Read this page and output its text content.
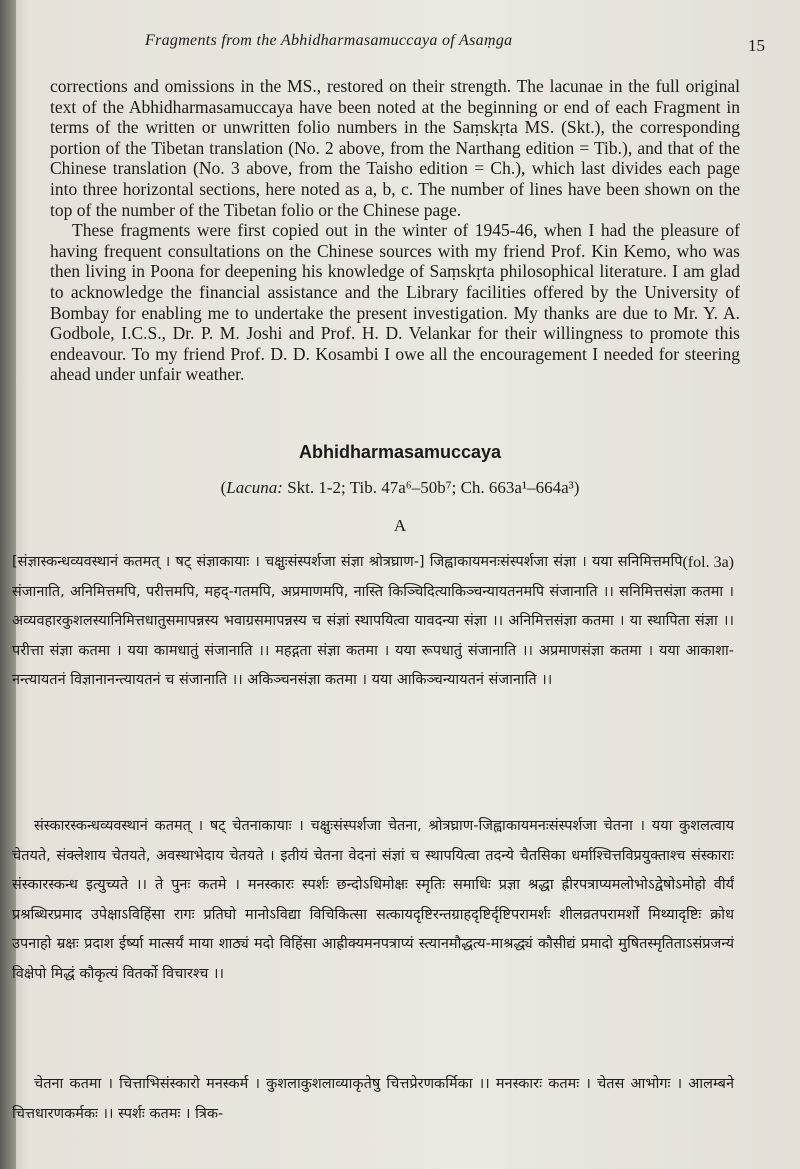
Fragments from the Abhidharmasamuccaya of Asaṃga	15

corrections and omissions in the MS., restored on their strength. The lacunae in the full original text of the Abhidharmasamuccaya have been noted at the beginning or end of each Fragment in terms of the written or unwritten folio numbers in the Saṃskṛta MS. (Skt.), the corresponding portion of the Tibetan translation (No. 2 above, from the Narthang edition = Tib.), and that of the Chinese translation (No. 3 above, from the Taisho edition = Ch.), which last divides each page into three horizontal sections, here noted as a, b, c. The number of lines have been shown on the top of the number of the Tibetan folio or the Chinese page.

These fragments were first copied out in the winter of 1945-46, when I had the pleasure of having frequent consultations on the Chinese sources with my friend Prof. Kin Kemo, who was then living in Poona for deepening his knowledge of Saṃskṛta philosophical literature. I am glad to acknowledge the financial assistance and the Library facilities offered by the University of Bombay for enabling me to undertake the present investigation. My thanks are due to Mr. Y. A. Godbole, I.C.S., Dr. P. M. Joshi and Prof. H. D. Velankar for their willingness to promote this endeavour. To my friend Prof. D. D. Kosambi I owe all the encouragement I needed for steering ahead under unfair weather.

Abhidharmasamuccaya
(Lacuna: Skt. 1-2; Tib. 47a⁶–50b⁷; Ch. 663a¹–664a³)
A

(fol. 3a)
[संज्ञास्कन्धव्यवस्थानं कतमत् । षट् संज्ञाकायाः । चक्षुःसंस्पर्शजा संज्ञा श्रोत्रघ्राण-] जिह्वाकायमनःसंस्पर्शजा संज्ञा । यया सनिमित्तमपि संजानाति, अनिमित्तमपि, परीत्तमपि, महद्-गतमपि, अप्रमाणमपि, नास्ति किञ्चिदित्याकिञ्चन्यायतनमपि संजानाति ।। सनिमित्तसंज्ञा कतमा । अव्यवहारकुशलस्यानिमित्तधातुसमापन्नस्य भवाग्रसमापन्नस्य च संज्ञां स्थापयित्वा यावदन्या संज्ञा ।। अनिमित्तसंज्ञा कतमा । या स्थापिता संज्ञा ।। परीत्ता संज्ञा कतमा । यया कामधातुं संजानाति ।। महद्गता संज्ञा कतमा । यया रूपधातुं संजानाति ।। अप्रमाणसंज्ञा कतमा । यया आकाशा-नन्त्यायतनं विज्ञानानन्त्यायतनं च संजानाति ।। अकिञ्चनसंज्ञा कतमा । यया आकिञ्चन्यायतनं संजानाति ।।

संस्कारस्कन्धव्यवस्थानं कतमत् । षट् चेतनाकायाः । चक्षुःसंस्पर्शजा चेतना, श्रोत्रघ्राण-जिह्वाकायमनःसंस्पर्शजा चेतना । यया कुशलत्वाय चेतयते, संक्लेशाय चेतयते, अवस्थाभेदाय चेतयते । इतीयं चेतना वेदनां संज्ञां च स्थापयित्वा तदन्ये चैतसिका धर्माश्चित्तविप्रयुक्ताश्च संस्काराः संस्कारस्कन्ध इत्युच्यते ।। ते पुनः कतमे । मनस्कारः स्पर्शः छन्दोऽधिमोक्षः स्मृतिः समाधिः प्रज्ञा श्रद्धा ह्रीरपत्राप्यमलोभोऽद्वेषोऽमोहो वीर्यं प्रश्रब्धिरप्रमाद उपेक्षाऽविहिंसा रागः प्रतिघो मानोऽविद्या विचिकित्सा सत्कायदृष्टिरन्तग्राहदृष्टिर्दृष्टिपरामर्शः शीलव्रतपरामर्शो मिथ्यादृष्टिः क्रोध उपनाहो म्रक्षः प्रदाश ईर्ष्या मात्सर्यं माया शाठ्यं मदो विहिंसा आह्रीक्यमनपत्राप्यं स्त्यानमौद्धत्य-माश्रद्ध्यं कौसीद्यं प्रमादो मुषितस्मृतिताऽसंप्रजन्यं विक्षेपो मिद्धं कौकृत्यं वितर्को विचारश्च ।।

चेतना कतमा । चित्ताभिसंस्कारो मनस्कर्म । कुशलाकुशलाव्याकृतेषु चित्तप्रेरणकर्मिका ।। मनस्कारः कतमः । चेतस आभोगः । आलम्बने चित्तधारणकर्मकः ।। स्पर्शः कतमः । त्रिक-
